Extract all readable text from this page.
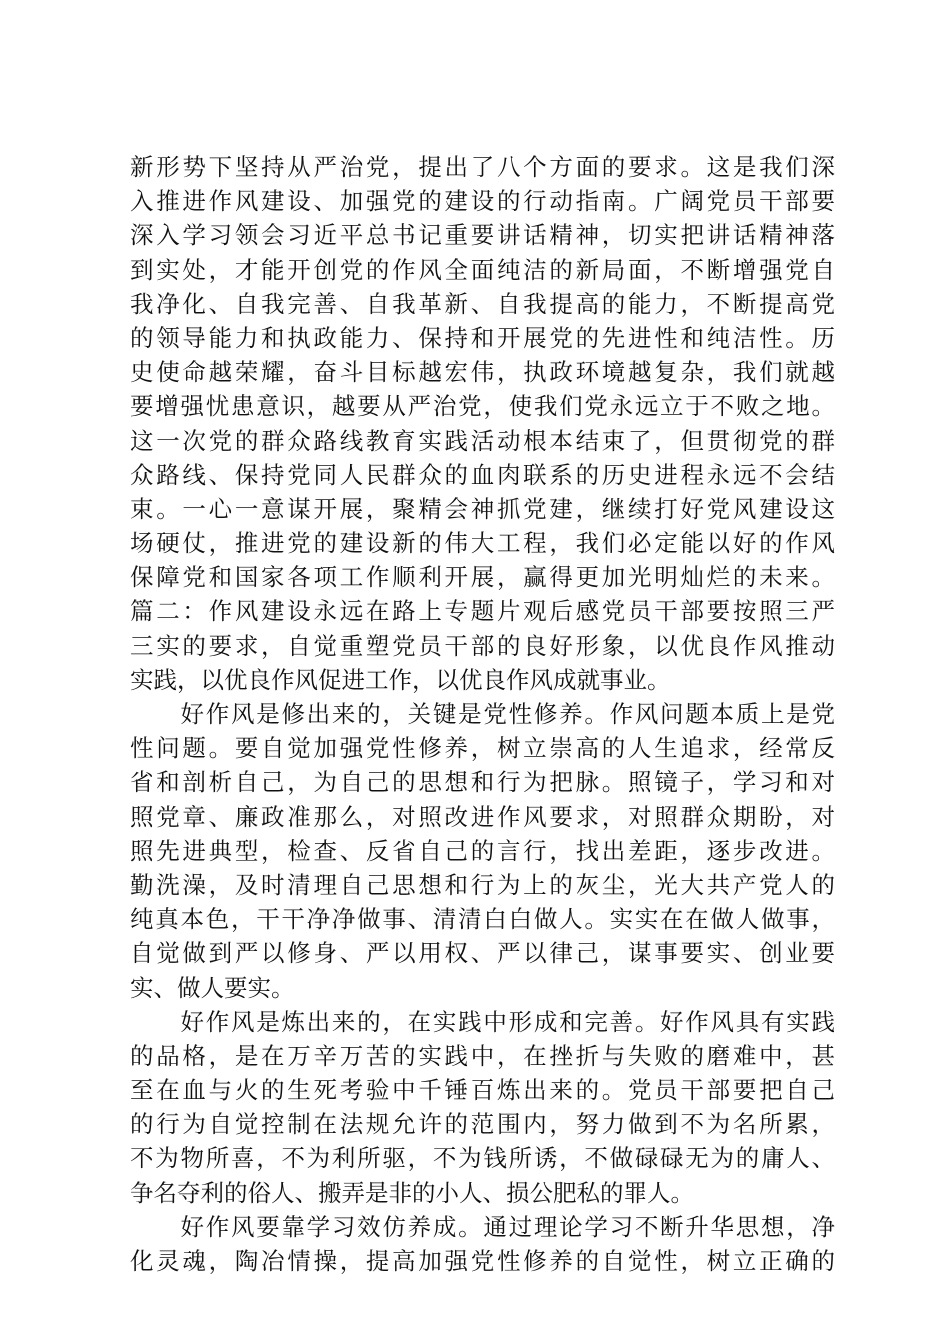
新形势下坚持从严治党，提出了八个方面的要求。这是我们深
入推进作风建设、加强党的建设的行动指南。广阔党员干部要
深入学习领会习近平总书记重要讲话精神，切实把讲话精神落
到实处，才能开创党的作风全面纯洁的新局面，不断增强党自
我净化、自我完善、自我革新、自我提高的能力，不断提高党
的领导能力和执政能力、保持和开展党的先进性和纯洁性。历
史使命越荣耀，奋斗目标越宏伟，执政环境越复杂，我们就越
要增强忧患意识，越要从严治党，使我们党永远立于不败之地。
这一次党的群众路线教育实践活动根本结束了，但贯彻党的群
众路线、保持党同人民群众的血肉联系的历史进程永远不会结
束。一心一意谋开展，聚精会神抓党建，继续打好党风建设这
场硬仗，推进党的建设新的伟大工程，我们必定能以好的作风
保障党和国家各项工作顺利开展，赢得更加光明灿烂的未来。
篇二：作风建设永远在路上专题片观后感党员干部要按照三严
三实的要求，自觉重塑党员干部的良好形象，以优良作风推动
实践，以优良作风促进工作，以优良作风成就事业。
　　好作风是修出来的，关键是党性修养。作风问题本质上是党
性问题。要自觉加强党性修养，树立崇高的人生追求，经常反
省和剖析自己，为自己的思想和行为把脉。照镜子，学习和对
照党章、廉政准那么，对照改进作风要求，对照群众期盼，对
照先进典型，检查、反省自己的言行，找出差距，逐步改进。
勤洗澡，及时清理自己思想和行为上的灰尘，光大共产党人的
纯真本色，干干净净做事、清清白白做人。实实在在做人做事，
自觉做到严以修身、严以用权、严以律己，谋事要实、创业要
实、做人要实。
　　好作风是炼出来的，在实践中形成和完善。好作风具有实践
的品格，是在万辛万苦的实践中，在挫折与失败的磨难中，甚
至在血与火的生死考验中千锤百炼出来的。党员干部要把自己
的行为自觉控制在法规允许的范围内，努力做到不为名所累，
不为物所喜，不为利所驱，不为钱所诱，不做碌碌无为的庸人、
争名夺利的俗人、搬弄是非的小人、损公肥私的罪人。
　　好作风要靠学习效仿养成。通过理论学习不断升华思想，净
化灵魂，陶冶情操，提高加强党性修养的自觉性，树立正确的
